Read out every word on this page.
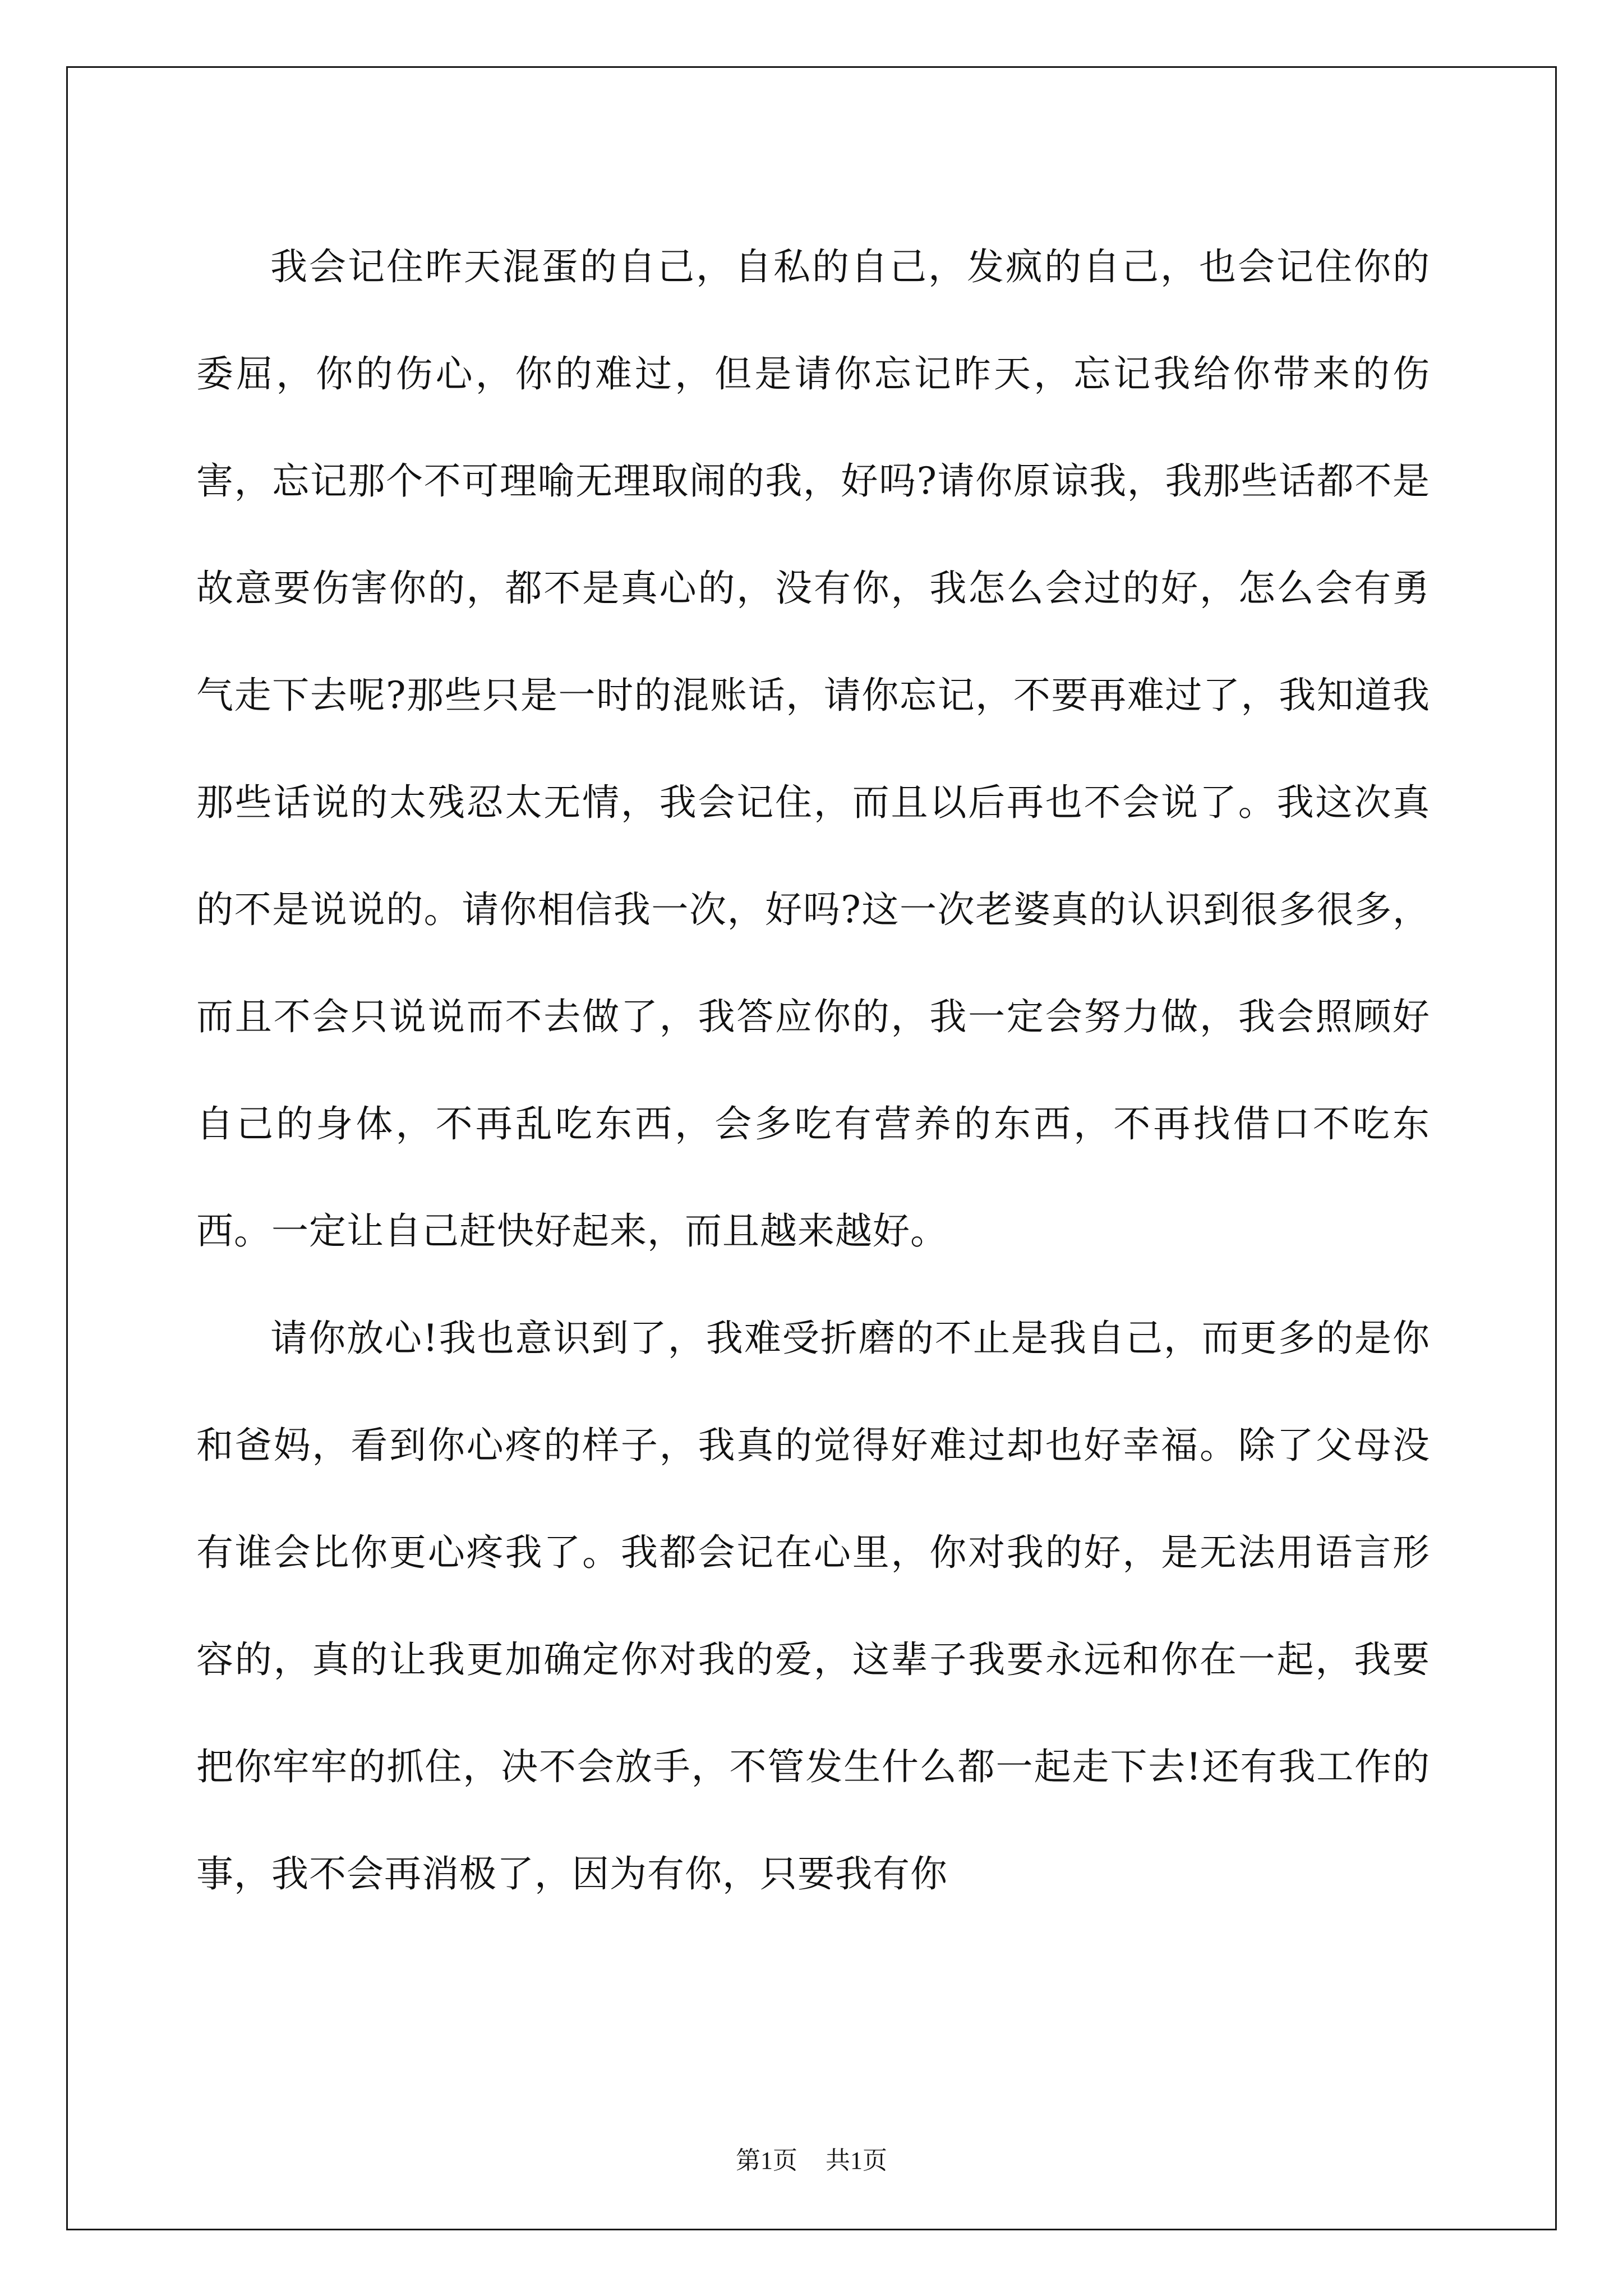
我会记住昨天混蛋的自己，自私的自己，发疯的自己，也会记住你的委屈，你的伤心，你的难过，但是请你忘记昨天，忘记我给你带来的伤害，忘记那个不可理喻无理取闹的我，好吗?请你原谅我，我那些话都不是故意要伤害你的，都不是真心的，没有你，我怎么会过的好，怎么会有勇气走下去呢?那些只是一时的混账话，请你忘记，不要再难过了，我知道我那些话说的太残忍太无情，我会记住，而且以后再也不会说了。我这次真的不是说说的。请你相信我一次，好吗?这一次老婆真的认识到很多很多，而且不会只说说而不去做了，我答应你的，我一定会努力做，我会照顾好自己的身体，不再乱吃东西，会多吃有营养的东西，不再找借口不吃东西。一定让自己赶快好起来，而且越来越好。

请你放心!我也意识到了，我难受折磨的不止是我自己，而更多的是你和爸妈，看到你心疼的样子，我真的觉得好难过却也好幸福。除了父母没有谁会比你更心疼我了。我都会记在心里，你对我的好，是无法用语言形容的，真的让我更加确定你对我的爱，这辈子我要永远和你在一起，我要把你牢牢的抓住，决不会放手，不管发生什么都一起走下去!还有我工作的事，我不会再消极了，因为有你，只要我有你

第1页 共1页
